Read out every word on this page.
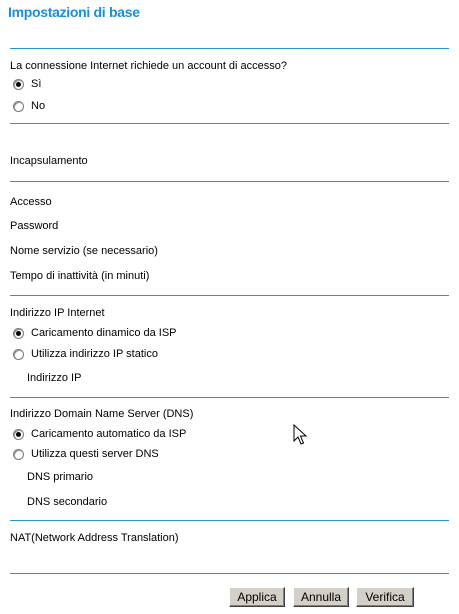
Impostazioni di base
La connessione Internet richiede un account di accesso?
Sì
No
Incapsulamento
Accesso
Password
Nome servizio (se necessario)
Tempo di inattività (in minuti)
Indirizzo IP Internet
Caricamento dinamico da ISP
Utilizza indirizzo IP statico
Indirizzo IP
Indirizzo Domain Name Server (DNS)
Caricamento automatico da ISP
Utilizza questi server DNS
DNS primario
DNS secondario
NAT(Network Address Translation)
Applica	Annulla	Verifica
